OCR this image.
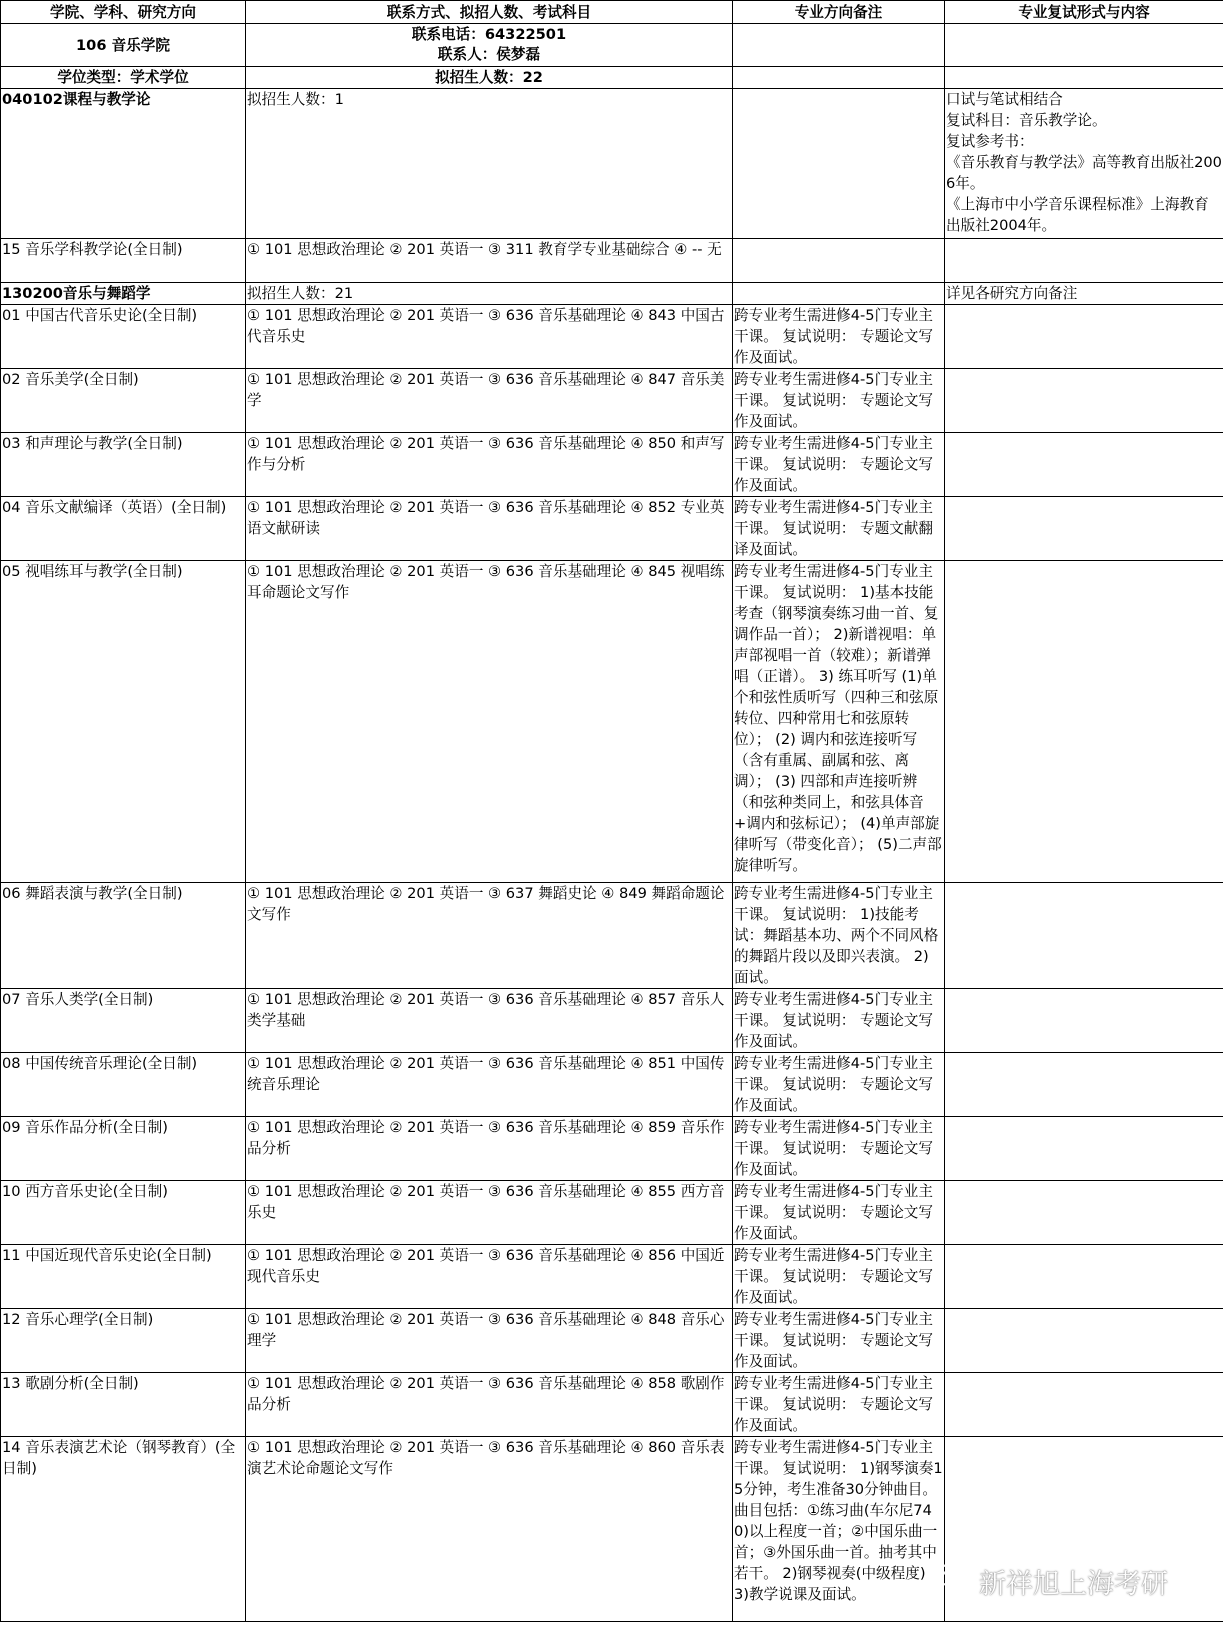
学院、学科、研究方向	联系方式、拟招人数、考试科目	专业方向备注	专业复试形式与内容
106 音乐学院	联系电话：64322501
联系人：侯梦磊		

学位类型：学术学位	拟招生人数：22		
040102课程与教学论	拟招生人数：1		口试与笔试相结合
复试科目：音乐教学论。
复试参考书：
《音乐教育与教学法》高等教育出版社2006年。
《上海市中小学音乐课程标准》上海教育出版社2004年。
15 音乐学科教学论(全日制)	① 101 思想政治理论 ② 201 英语一 ③ 311 教育学专业基础综合 ④ -- 无		
130200音乐与舞蹈学	拟招生人数：21		详见各研究方向备注
01 中国古代音乐史论(全日制)	① 101 思想政治理论 ② 201 英语一 ③ 636 音乐基础理论 ④ 843 中国古代音乐史	跨专业考生需进修4-5门专业主干课。 复试说明： 专题论文写作及面试。	
02 音乐美学(全日制)	① 101 思想政治理论 ② 201 英语一 ③ 636 音乐基础理论 ④ 847 音乐美学	跨专业考生需进修4-5门专业主干课。 复试说明： 专题论文写作及面试。	
03 和声理论与教学(全日制)	① 101 思想政治理论 ② 201 英语一 ③ 636 音乐基础理论 ④ 850 和声写作与分析	跨专业考生需进修4-5门专业主干课。 复试说明： 专题论文写作及面试。	
04 音乐文献编译（英语）(全日制)	① 101 思想政治理论 ② 201 英语一 ③ 636 音乐基础理论 ④ 852 专业英语文献研读	跨专业考生需进修4-5门专业主干课。 复试说明： 专题文献翻译及面试。	
05 视唱练耳与教学(全日制)	① 101 思想政治理论 ② 201 英语一 ③ 636 音乐基础理论 ④ 845 视唱练耳命题论文写作	跨专业考生需进修4-5门专业主干课。 复试说明： 1)基本技能考查（钢琴演奏练习曲一首、复调作品一首）； 2)新谱视唱：单声部视唱一首（较难）；新谱弹唱（正谱）。 3) 练耳听写 (1)单个和弦性质听写（四种三和弦原转位、四种常用七和弦原转位）； (2) 调内和弦连接听写（含有重属、副属和弦、离调）； (3) 四部和声连接听辨（和弦种类同上，和弦具体音+调内和弦标记）； (4)单声部旋律听写（带变化音）； (5)二声部旋律听写。	
06 舞蹈表演与教学(全日制)	① 101 思想政治理论 ② 201 英语一 ③ 637 舞蹈史论 ④ 849 舞蹈命题论文写作	跨专业考生需进修4-5门专业主干课。 复试说明： 1)技能考试：舞蹈基本功、两个不同风格的舞蹈片段以及即兴表演。 2)面试。	
07 音乐人类学(全日制)	① 101 思想政治理论 ② 201 英语一 ③ 636 音乐基础理论 ④ 857 音乐人类学基础	跨专业考生需进修4-5门专业主干课。 复试说明： 专题论文写作及面试。	
08 中国传统音乐理论(全日制)	① 101 思想政治理论 ② 201 英语一 ③ 636 音乐基础理论 ④ 851 中国传统音乐理论	跨专业考生需进修4-5门专业主干课。 复试说明： 专题论文写作及面试。	
09 音乐作品分析(全日制)	① 101 思想政治理论 ② 201 英语一 ③ 636 音乐基础理论 ④ 859 音乐作品分析	跨专业考生需进修4-5门专业主干课。 复试说明： 专题论文写作及面试。	
10 西方音乐史论(全日制)	① 101 思想政治理论 ② 201 英语一 ③ 636 音乐基础理论 ④ 855 西方音乐史	跨专业考生需进修4-5门专业主干课。 复试说明： 专题论文写作及面试。	
11 中国近现代音乐史论(全日制)	① 101 思想政治理论 ② 201 英语一 ③ 636 音乐基础理论 ④ 856 中国近现代音乐史	跨专业考生需进修4-5门专业主干课。 复试说明： 专题论文写作及面试。	
12 音乐心理学(全日制)	① 101 思想政治理论 ② 201 英语一 ③ 636 音乐基础理论 ④ 848 音乐心理学	跨专业考生需进修4-5门专业主干课。 复试说明： 专题论文写作及面试。	
13 歌剧分析(全日制)	① 101 思想政治理论 ② 201 英语一 ③ 636 音乐基础理论 ④ 858 歌剧作品分析	跨专业考生需进修4-5门专业主干课。 复试说明： 专题论文写作及面试。	
14 音乐表演艺术论（钢琴教育）(全日制)	① 101 思想政治理论 ② 201 英语一 ③ 636 音乐基础理论 ④ 860 音乐表演艺术论命题论文写作	跨专业考生需进修4-5门专业主干课。 复试说明： 1)钢琴演奏15分钟，考生准备30分钟曲目。 曲目包括：①练习曲(车尔尼740)以上程度一首；②中国乐曲一首；③外国乐曲一首。抽考其中若干。 2)钢琴视奏(中级程度) 3)教学说课及面试。		新祥旭上海考研
